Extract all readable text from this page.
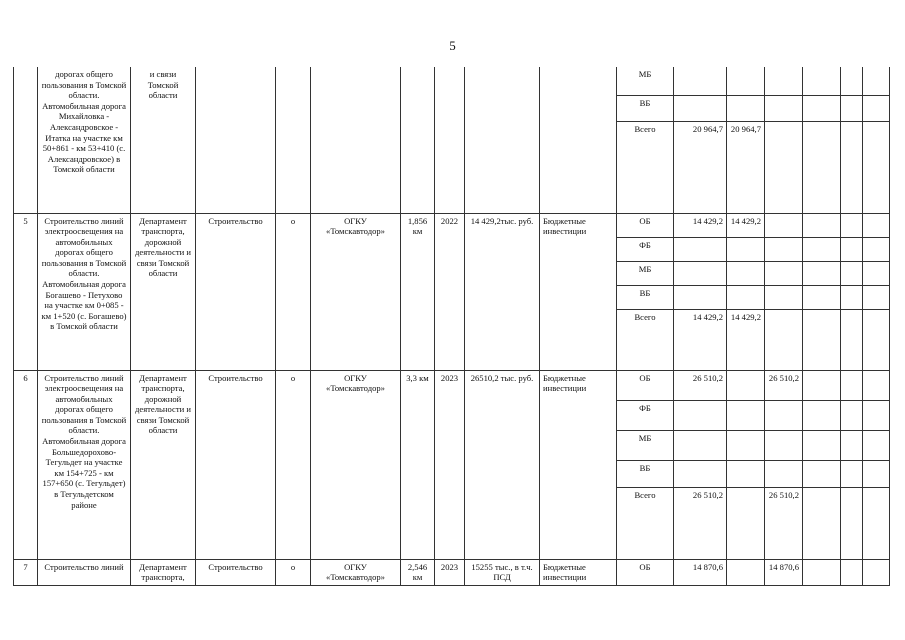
5
	дорогах общего пользования в Томской области. Автомобильная дорога Михайловка - Александровское - Итатка на участке км 50+861 - км 53+410 (с. Александровское) в Томской области	и связи Томской области								МБ						
										ВБ						
										Всего	20 964,7	20 964,7				
5	Строительство линий электроосвещения на автомобильных дорогах общего пользования в Томской области. Автомобильная дорога Богашево - Петухово на участке км 0+085 - км 1+520 (с. Богашево) в Томской области	Департамент транспорта, дорожной деятельности и связи Томской области	Строительство	о	ОГКУ «Томскавтодор»	1,856 км	2022	14 429,2тыс. руб.	Бюджетные инвестиции	ОБ	14 429,2	14 429,2				
										ФБ						
										МБ						
										ВБ						
										Всего	14 429,2	14 429,2				
6	Строительство линий электроосвещения на автомобильных дорогах общего пользования в Томской области. Автомобильная дорога Большедорохово-Тегульдет на участке км 154+725 - км 157+650 (с. Тегульдет) в Тегульдетском районе	Департамент транспорта, дорожной деятельности и связи Томской области	Строительство	о	ОГКУ «Томскавтодор»	3,3 км	2023	26510,2 тыс. руб.	Бюджетные инвестиции	ОБ	26 510,2		26 510,2			
										ФБ						
										МБ						
										ВБ						
										Всего	26 510,2		26 510,2			
7	Строительство линий	Департамент транспорта,	Строительство	о	ОГКУ «Томскавтодор»	2,546 км	2023	15255 тыс., в т.ч. ПСД	Бюджетные инвестиции	ОБ	14 870,6		14 870,6			
